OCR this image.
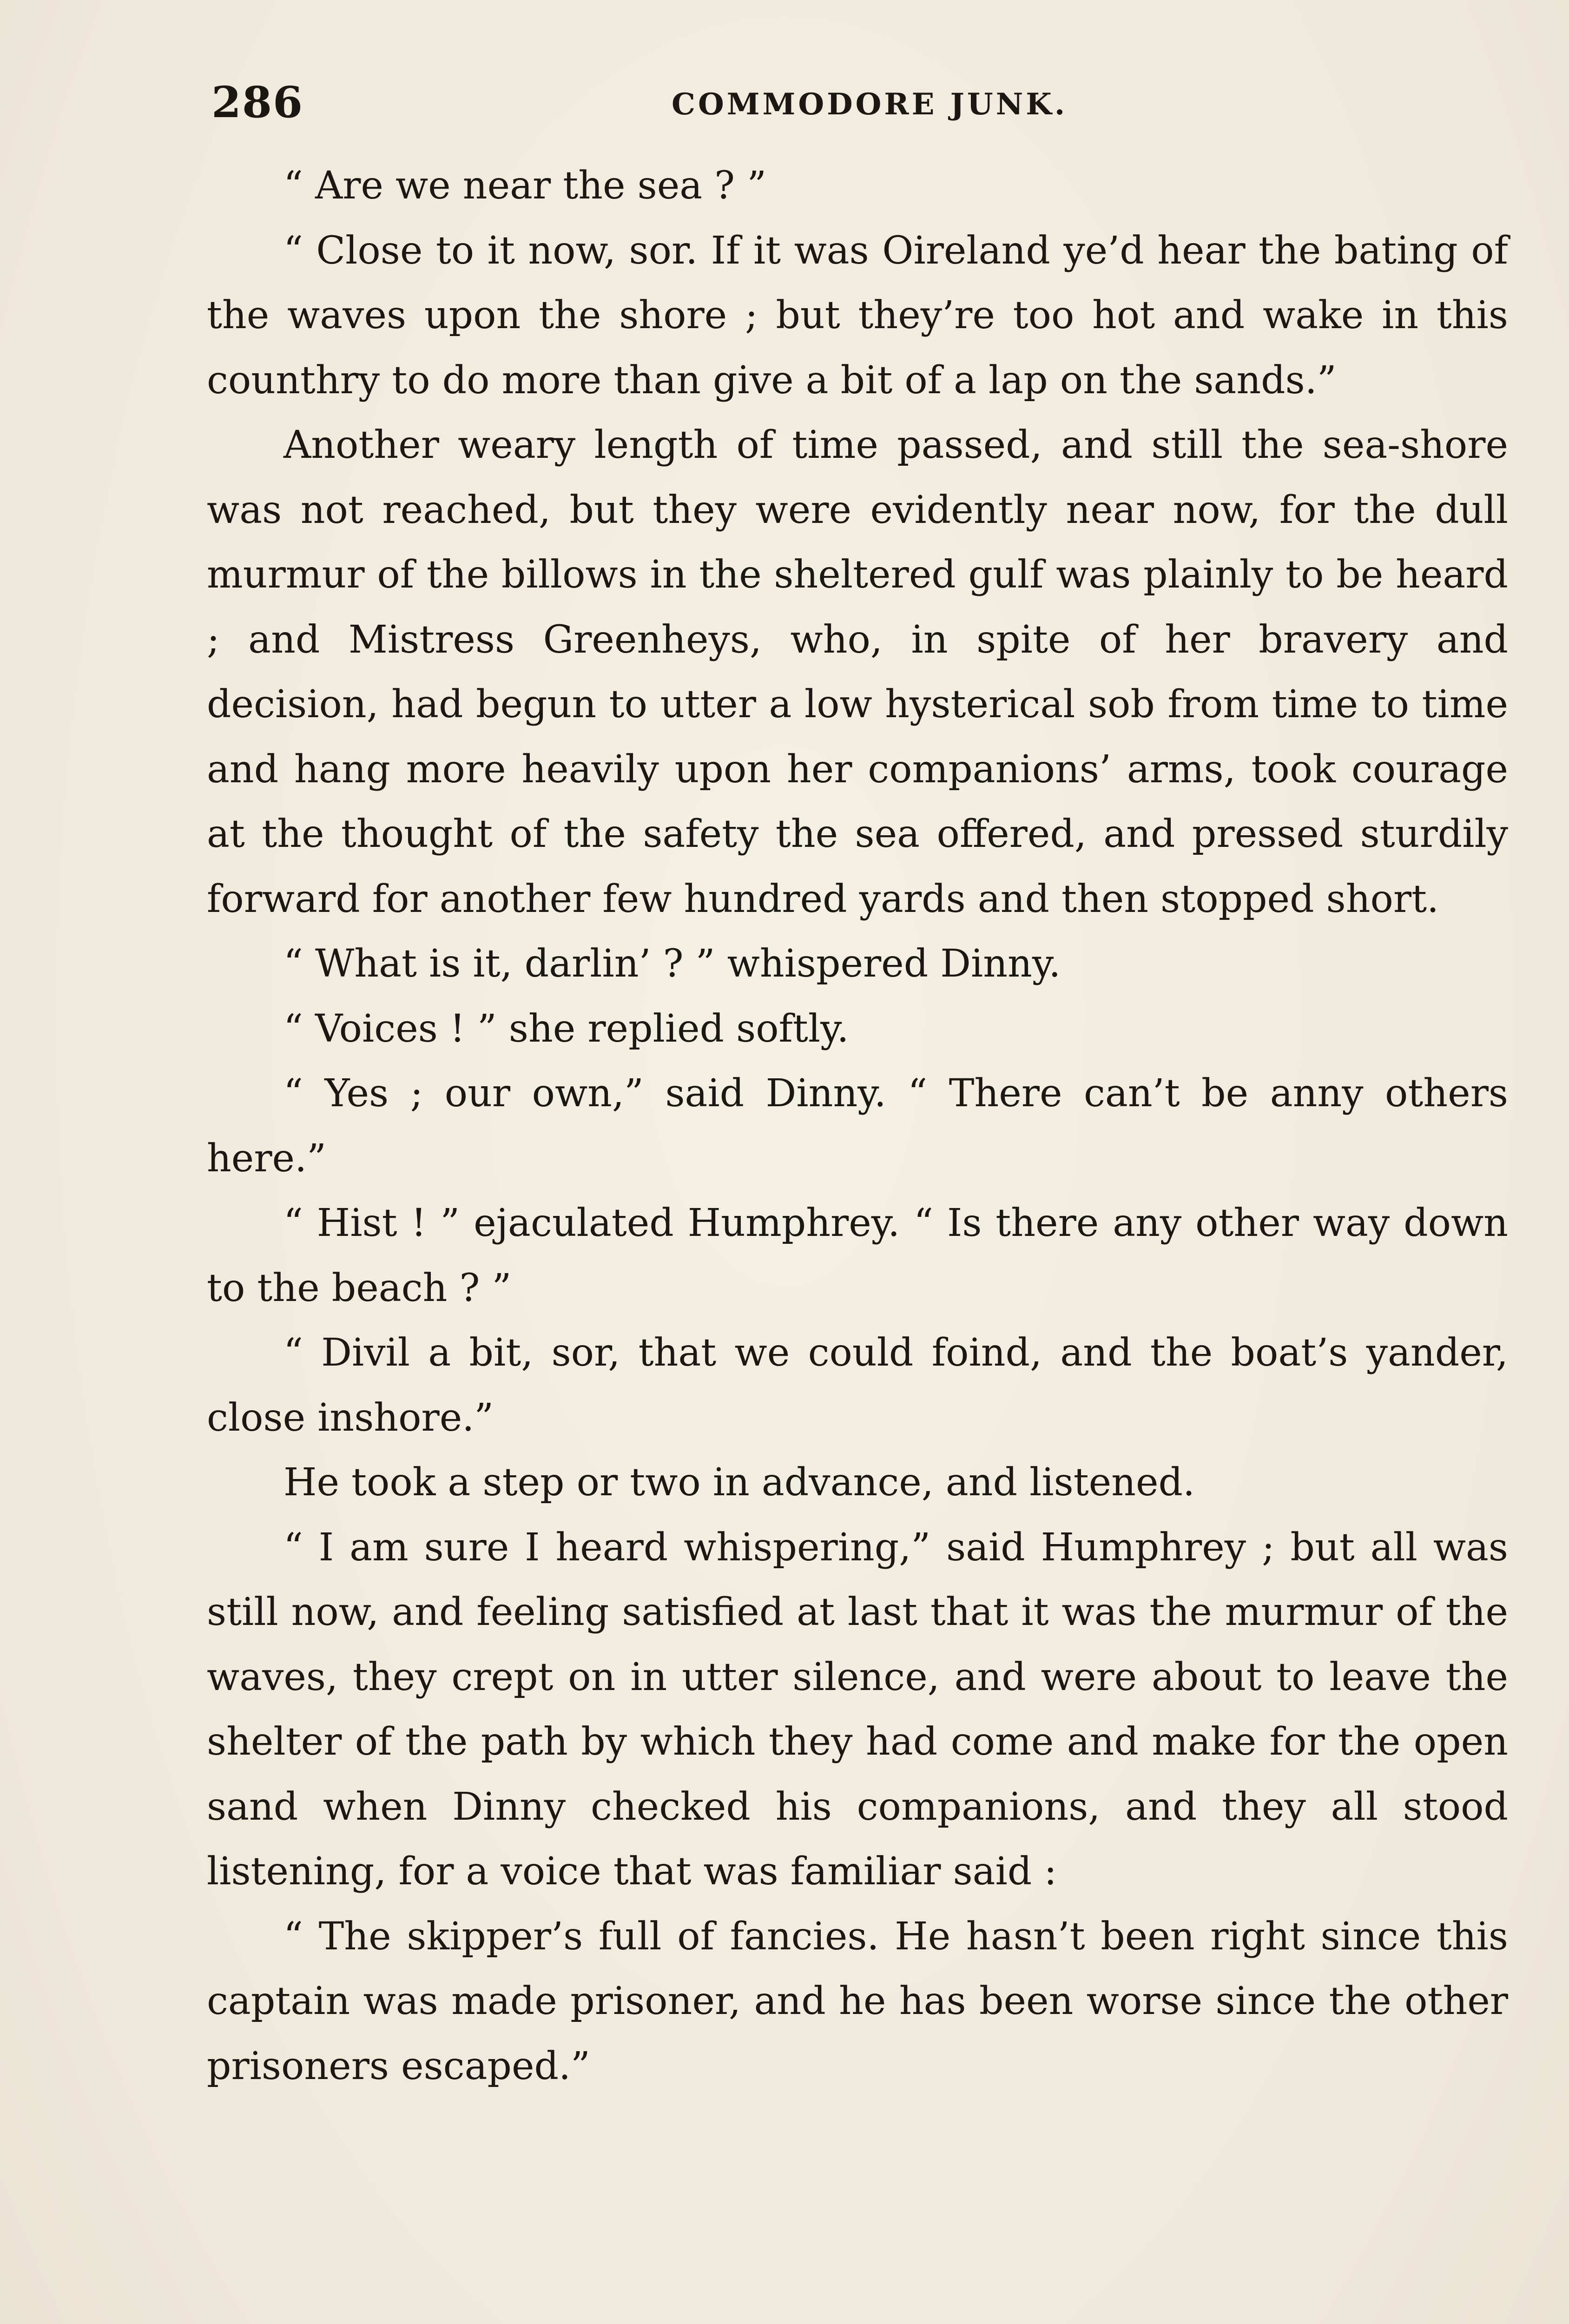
286	COMMODORE JUNK.

“ Are we near the sea ? ”

“ Close to it now, sor. If it was Oireland ye’d hear the bating of the waves upon the shore ; but they’re too hot and wake in this counthry to do more than give a bit of a lap on the sands.”

Another weary length of time passed, and still the sea-shore was not reached, but they were evidently near now, for the dull murmur of the billows in the sheltered gulf was plainly to be heard ; and Mistress Greenheys, who, in spite of her bravery and decision, had begun to utter a low hysterical sob from time to time and hang more heavily upon her companions’ arms, took courage at the thought of the safety the sea offered, and pressed sturdily forward for another few hundred yards and then stopped short.

“ What is it, darlin’ ? ” whispered Dinny.

“ Voices ! ” she replied softly.

“ Yes ; our own,” said Dinny. “ There can’t be anny others here.”

“ Hist ! ” ejaculated Humphrey. “ Is there any other way down to the beach ? ”

“ Divil a bit, sor, that we could foind, and the boat’s yander, close inshore.”

He took a step or two in advance, and listened.

“ I am sure I heard whispering,” said Humphrey ; but all was still now, and feeling satisfied at last that it was the murmur of the waves, they crept on in utter silence, and were about to leave the shelter of the path by which they had come and make for the open sand when Dinny checked his companions, and they all stood listening, for a voice that was familiar said :

“ The skipper’s full of fancies. He hasn’t been right since this captain was made prisoner, and he has been worse since the other prisoners escaped.”
